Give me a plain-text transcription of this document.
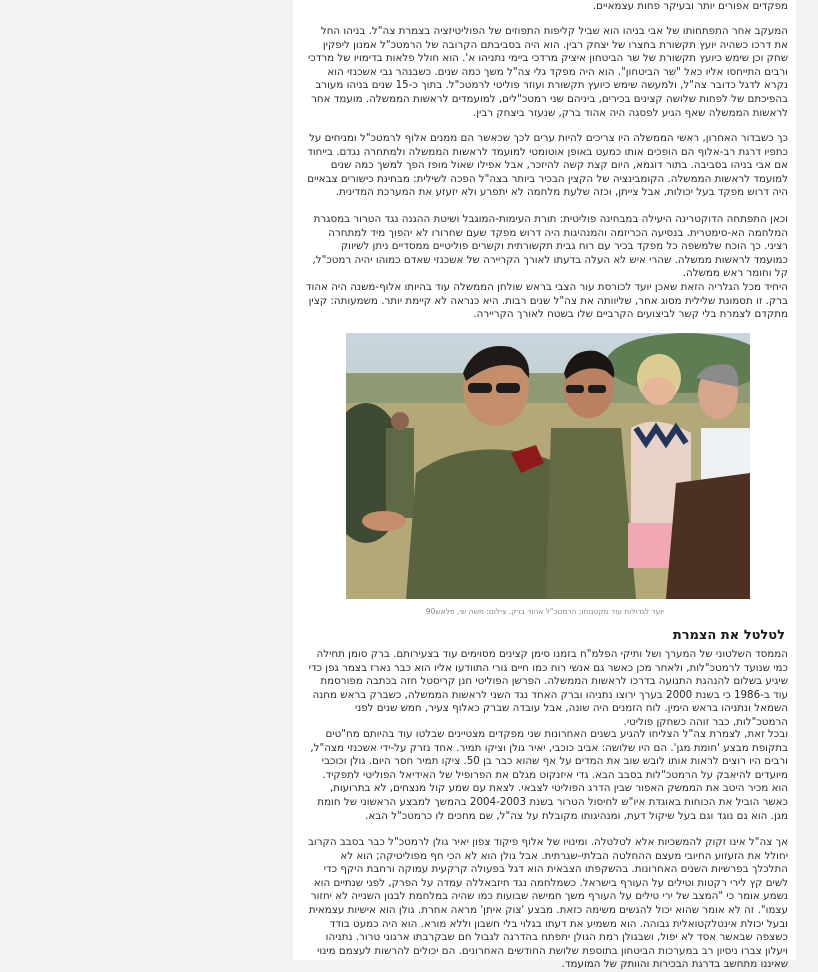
מפקדים אפורים יותר ובעיקר פחות עצמאיים.

המעקב אחר התפתחותו של אבי בניהו הוא שביל קליפות התפוזים של הפוליטיזציה בצמרת צה"ל. בניהו החל את דרכו כשהיה יועץ תקשורת בחצרו של יצחק רבין. הוא היה בסביבתם הקרובה של הרמטכ"ל אמנון ליפקין שחק וכן שימש כיועץ תקשורת של שר הביטחון איציק מרדכי ביימי נתניהו א'. הוא חולל פלאות בדימויו של מרדכי ורבים התייחסו אליו כאל "שר הביטחון". הוא היה מפקד גלי צה"ל משך כמה שנים. כשבנהר גבי אשכנזי הוא נקרא לדגל כדובר צה"ל, ולמעשה שימש כיועץ תקשורת ועוזר פוליטי לרמטכ"ל. בתוך כ-15 שנים בניהו מעורב בהפיכתם של לפחות שלושה קצינים בכירים, ביניהם שני רמטכ"לים, למועמדים לראשות הממשלה. מועמד אחר לראשות הממשלה שאף הגיע לפסגה היה אהוד ברק, שנעזר ביצחק רבין.

כך כשבדור האחרון, ראשי הממשלה היו צריכים להיות ערים לכך שכאשר הם ממנים אלוף לרמטכ"ל ומניחים על כתפיו דרגת רב-אלוף הם הופכים אותו כמעט באופן אוטומטי למועמד לראשות הממשלה ולמתחרה נגדם. בייחוד אם אבי בניהו בסביבה. בתור דוגמא, היום קצת קשה להיזכר, אבל אפילו שאול מופז הפך למשך כמה שנים למועמד לראשות הממשלה. הקומבינציה של הקצין הבכיר ביותר בצה"ל הפכה לשילית: מבחינת כישורים צבאיים היה דרוש מפקד בעל יכולות, אבל צייתן, וכזה שלעת מלחמה לא יתפרע ולא יזעזע את המערכת המדינית.

וכאן התפתחה הדוקטרינה היעילה במבחינה פוליטית: תורת העימות-המוגבל ושיטת ההגנה נגד הטרור במסגרת המלחמה הא-סימטרית. בנסיעה הכריזמה והמנהיגות היה דרוש מפקד שעם שחרורו לא יהפוך מיד למתחרה רציני. כך הוכח שלמשפה כל מפקד בכיר עם רוח גבית תקשורתית וקשרים פוליטיים ממסדיים ניתן לשיווק כמועמד לראשות ממשלה. שהרי איש לא העלה בדעתו לאורך הקריירה של אשכנזי שאדם כמוהו יהיה רמטכ"ל, קל וחומר ראש ממשלה.

היחיד מכל הגלריה הזאת שאכן יועד לכורסת עור הצבי בראש שולחן הממשלה עוד בהיותו אלוף-משנה היה אהוד ברק. זו תסמונת שלילית מסוג אחר, שליוותה את צה"ל שנים רבות. היא כנראה לא קיימת יותר. משמעותה: קצין מתקדם לצמרת בלי קשר לביצועים הקרביים שלו בשטח לאורך הקריירה.

יועד לגדולות עוד מקטנותו; הרמטכ"ל אהוד ברק. צילום: משה שי, פלאש90
לטלטל את הצמרת

הממסד השלטוני של המערך ושל ותיקי הפלמ"ח בזמנו סימן קצינים מסוימים עוד בצעירותם. ברק סומן תחילה כמי שנועד לרמטכ"לות, ולאחר מכן כאשר גם אנשי רוח כמו חיים גורי התוודעו אליו הוא כבר נארז בצמר גפן כדי שיגיע בשלום להנהגת התנועה בדרכו לראשות הממשלה. הפרשן הפוליטי חנן קריסטל חזה בכתבה מפורסמת עוד ב-1986 כי בשנת 2000 בערך ירוצו נתניהו וברק האחד נגד השני לראשות הממשלה, כשברק בראש מחנה השמאל ונתניהו בראש הימין. לוח הזמנים היה שונה, אבל עובדה שברק כאלוף צעיר, חמש שנים לפני הרמטכ"לות, כבר זוהה כשחקן פוליטי.

ובכל זאת, לצמרת צה"ל הצליחו להגיע בשנים האחרונות שני מפקדים מצטיינים שבלטו עוד בהיותם מח"טים בתקופת מבצע 'חומת מגן'. הם היו שלושה: אביב כוכבי, יאיר גולן וציקו תמיר. אחד נזרק על-ידי אשכנזי מצה"ל, ורבים היו רוצים לראות אותו לובש שוב את המדים על אף שהוא כבר בן 50. ציקו תמיר חסר היום. גולן וכוכבי מיועדים להיאבק על הרמטכ"לות בסבב הבא. גדי איזנקוט מגלם את הפרופיל של האידיאל הפוליטי לתפקיד. הוא מכיר היטב את הממשק האפור שבין הדרג הפוליטי לצבאי. לצאת עם שמע קול מנצחים, לא בתרועות, כאשר הוביל את הכוחות באוגדת איו"ש לחיסול הטרור בשנת 2004-2003 בהמשך למבצע הראשוני של חומת מגן. הוא גם נוגד וגם בעל שיקול דעת, ומנהיגותו מקובלת על צה"ל, שם מחכים לו כרמטכ"ל הבא.

אך צה"ל אינו זקוק להמשכיות אלא לטלטלה. ומינויו של אלוף פיקוד צפון יאיר גולן לרמטכ"ל כבר בסבב הקרוב יחולל את הזעזוע החיובי מעצם ההחלטה הבלתי-שגרתית. אבל גולן הוא לא הכי חף מפוליטיקה; הוא לא התלכלך בפרשיות השנים האחרונות. בהשקפתו הצבאית הוא דגל בפעולה קרקעית עמוקה ורחבת היקף כדי לשים קץ לירי רקטות וטילים על העורף בישראל. כשמלחמה נגד חיזבאללה עמדה על הפרק, לפני שנתיים הוא נשמע אומר כי "המצב של ירי טילים על העורף משך חמישה שבועות כמו שהיה במלחמת לבנון השנייה לא יחזור עצמו". זה לא אומר שהוא יכול להגשים משימה כזאת. מבצע 'צוק איתן' מראה אחרת. גולן הוא אישיות עצמאית ובעל יכולת אינטלקטואלית גבוהה. הוא משמיע את דעתו בגלוי בלי חשבון וללא מורא. הוא היה כמעט בודד כשצפה שבאשר אסד לא יפול, ושבגולן רמת הגולן יתפתח בהדרגה לגבול חם שבקרבתו ארגוני טרור. נתניהו ויעלון צברו ניסיון רב במערכות הביטחון בתוספת שלושת החודשים האחרונים. הם יכולים להרשות לעצמם מינוי שאיננו מתחשב בדרגת הבכירות והוותק של המועמד.
